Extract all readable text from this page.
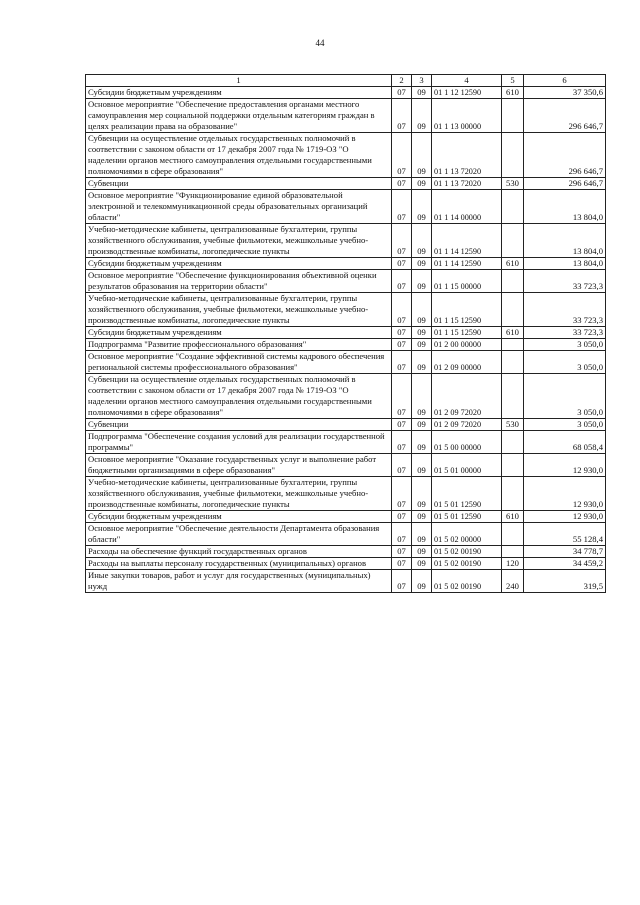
44
1	2	3	4	5	6
Субсидии бюджетным учреждениям	07	09	01 1 12 12590	610	37 350,6
Основное мероприятие "Обеспечение предоставления органами местного самоуправления мер социальной поддержки отдельным категориям граждан в целях реализации права на образование"	07	09	01 1 13 00000		296 646,7
Субвенции на осуществление отдельных государственных полномочий в соответствии с законом области от 17 декабря 2007 года № 1719-ОЗ "О наделении органов местного самоуправления отдельными государственными полномочиями в сфере образования"	07	09	01 1 13 72020		296 646,7
Субвенции	07	09	01 1 13 72020	530	296 646,7
Основное мероприятие "Функционирование единой образовательной электронной и телекоммуникационной среды образовательных организаций области"	07	09	01 1 14 00000		13 804,0
Учебно-методические кабинеты, централизованные бухгалтерии, группы хозяйственного обслуживания, учебные фильмотеки, межшкольные учебно-производственные комбинаты, логопедические пункты	07	09	01 1 14 12590		13 804,0
Субсидии бюджетным учреждениям	07	09	01 1 14 12590	610	13 804,0
Основное мероприятие "Обеспечение функционирования объективной оценки результатов образования на территории области"	07	09	01 1 15 00000		33 723,3
Учебно-методические кабинеты, централизованные бухгалтерии, группы хозяйственного обслуживания, учебные фильмотеки, межшкольные учебно-производственные комбинаты, логопедические пункты	07	09	01 1 15 12590		33 723,3
Субсидии бюджетным учреждениям	07	09	01 1 15 12590	610	33 723,3
Подпрограмма "Развитие профессионального образования"	07	09	01 2 00 00000		3 050,0
Основное мероприятие "Создание эффективной системы кадрового обеспечения региональной системы профессионального образования"	07	09	01 2 09 00000		3 050,0
Субвенции на осуществление отдельных государственных полномочий в соответствии с законом области от 17 декабря 2007 года № 1719-ОЗ "О наделении органов местного самоуправления отдельными государственными полномочиями в сфере образования"	07	09	01 2 09 72020		3 050,0
Субвенции	07	09	01 2 09 72020	530	3 050,0
Подпрограмма "Обеспечение создания условий для реализации государственной программы"	07	09	01 5 00 00000		68 058,4
Основное мероприятие "Оказание государственных услуг и выполнение работ бюджетными организациями в сфере образования"	07	09	01 5 01 00000		12 930,0
Учебно-методические кабинеты, централизованные бухгалтерии, группы хозяйственного обслуживания, учебные фильмотеки, межшкольные учебно-производственные комбинаты, логопедические пункты	07	09	01 5 01 12590		12 930,0
Субсидии бюджетным учреждениям	07	09	01 5 01 12590	610	12 930,0
Основное мероприятие "Обеспечение деятельности Департамента образования области"	07	09	01 5 02 00000		55 128,4
Расходы на обеспечение функций государственных органов	07	09	01 5 02 00190		34 778,7
Расходы на выплаты персоналу государственных (муниципальных) органов	07	09	01 5 02 00190	120	34 459,2
Иные закупки товаров, работ и услуг для государственных (муниципальных) нужд	07	09	01 5 02 00190	240	319,5
